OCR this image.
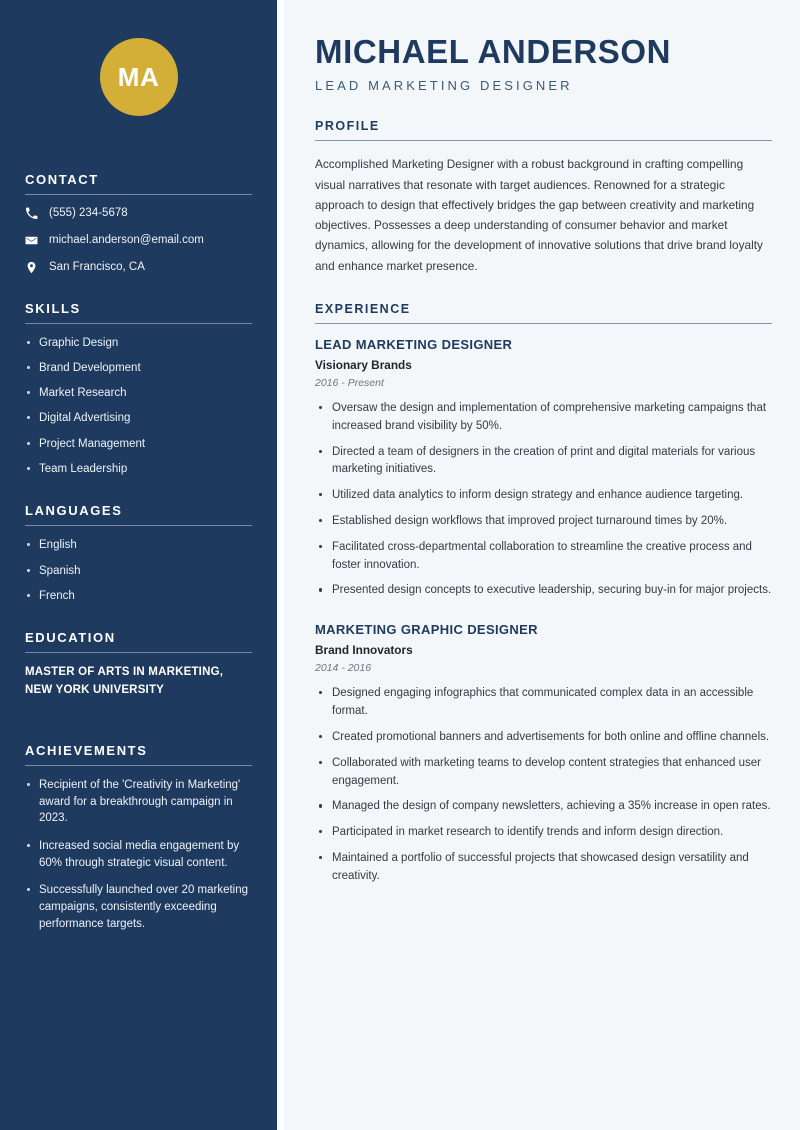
MA
CONTACT
(555) 234-5678
michael.anderson@email.com
San Francisco, CA
SKILLS
Graphic Design
Brand Development
Market Research
Digital Advertising
Project Management
Team Leadership
LANGUAGES
English
Spanish
French
EDUCATION
MASTER OF ARTS IN MARKETING, NEW YORK UNIVERSITY
ACHIEVEMENTS
Recipient of the 'Creativity in Marketing' award for a breakthrough campaign in 2023.
Increased social media engagement by 60% through strategic visual content.
Successfully launched over 20 marketing campaigns, consistently exceeding performance targets.
MICHAEL ANDERSON
LEAD MARKETING DESIGNER
PROFILE

Accomplished Marketing Designer with a robust background in crafting compelling visual narratives that resonate with target audiences. Renowned for a strategic approach to design that effectively bridges the gap between creativity and marketing objectives. Possesses a deep understanding of consumer behavior and market dynamics, allowing for the development of innovative solutions that drive brand loyalty and enhance market presence.

EXPERIENCE
LEAD MARKETING DESIGNER
Visionary Brands
2016 - Present
Oversaw the design and implementation of comprehensive marketing campaigns that increased brand visibility by 50%.
Directed a team of designers in the creation of print and digital materials for various marketing initiatives.
Utilized data analytics to inform design strategy and enhance audience targeting.
Established design workflows that improved project turnaround times by 20%.
Facilitated cross-departmental collaboration to streamline the creative process and foster innovation.
Presented design concepts to executive leadership, securing buy-in for major projects.
MARKETING GRAPHIC DESIGNER
Brand Innovators
2014 - 2016
Designed engaging infographics that communicated complex data in an accessible format.
Created promotional banners and advertisements for both online and offline channels.
Collaborated with marketing teams to develop content strategies that enhanced user engagement.
Managed the design of company newsletters, achieving a 35% increase in open rates.
Participated in market research to identify trends and inform design direction.
Maintained a portfolio of successful projects that showcased design versatility and creativity.
